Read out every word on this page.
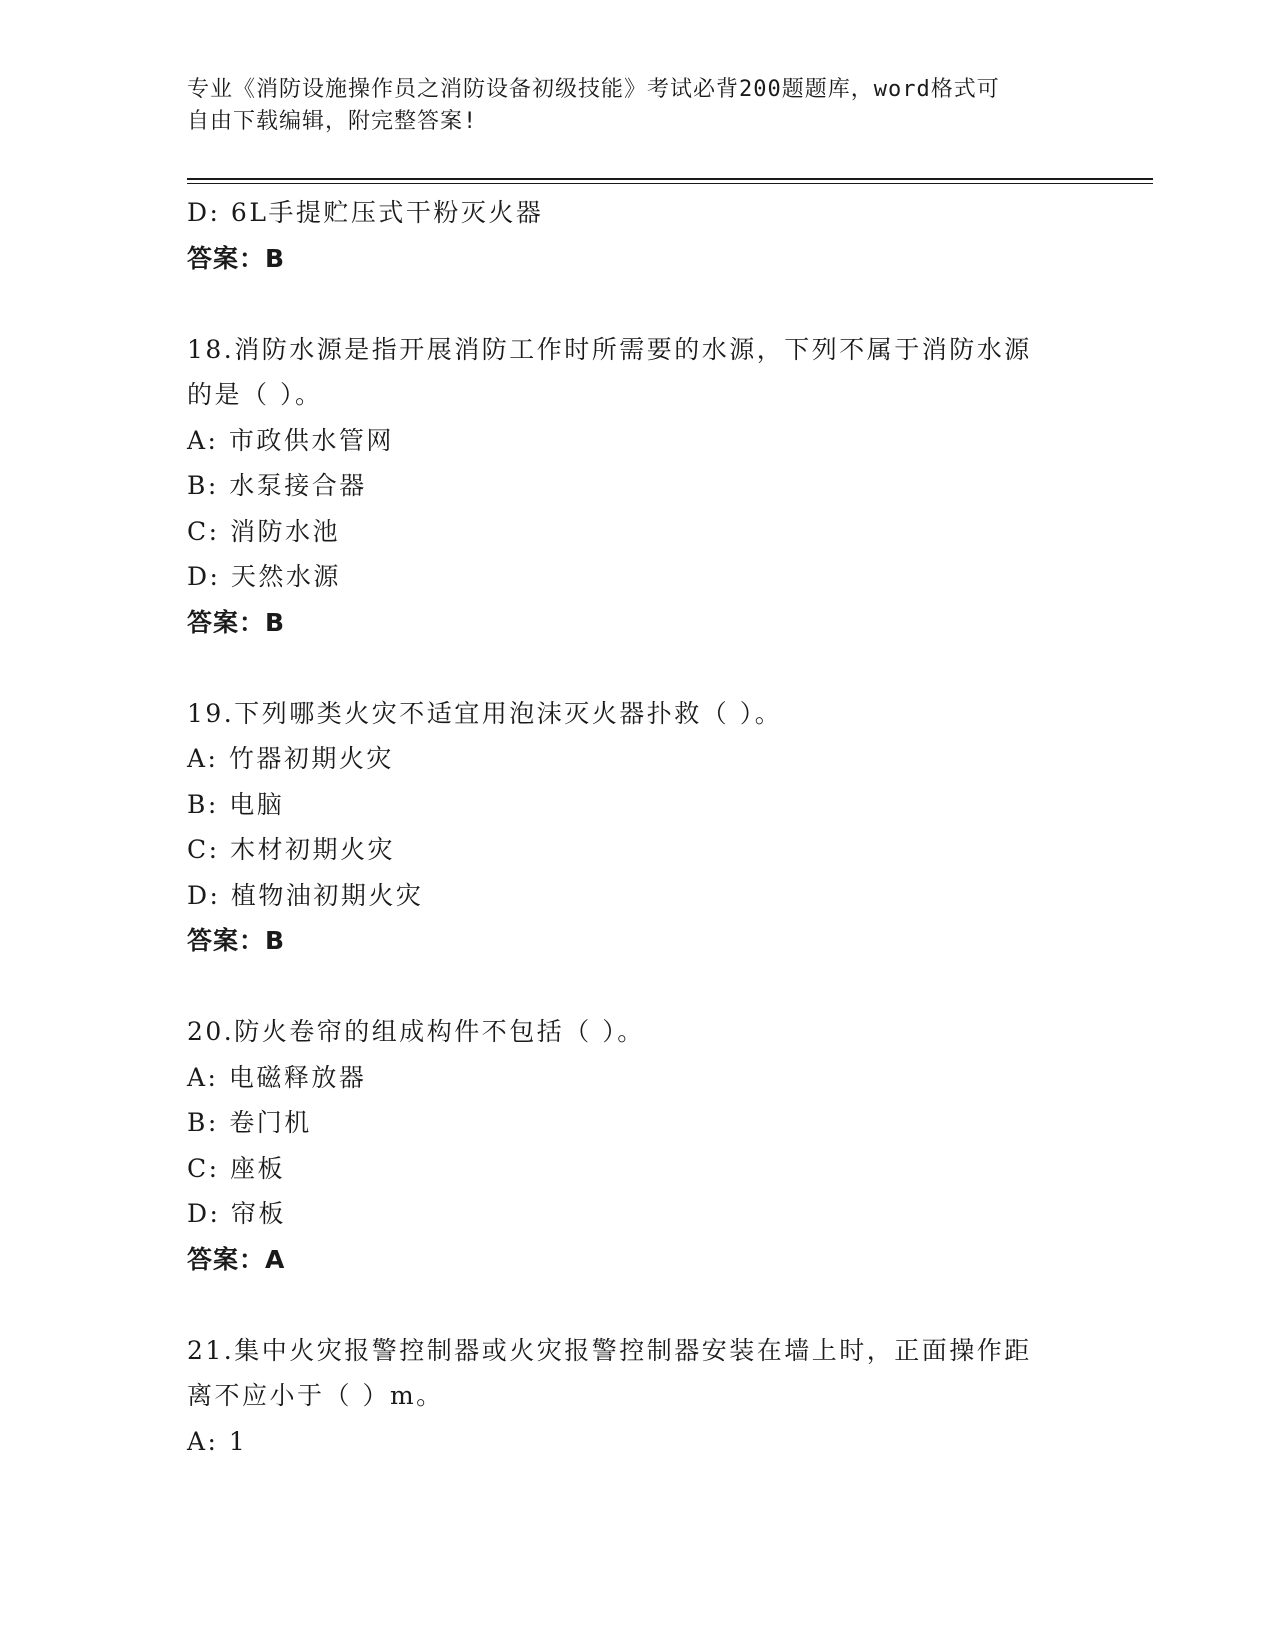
专业《消防设施操作员之消防设备初级技能》考试必背200题题库，word格式可
自由下载编辑，附完整答案!
D: 6L手提贮压式干粉灭火器
答案：B
18.消防水源是指开展消防工作时所需要的水源，下列不属于消防水源
的是（ ）。
A: 市政供水管网
B: 水泵接合器
C: 消防水池
D: 天然水源
答案：B
19.下列哪类火灾不适宜用泡沫灭火器扑救（ ）。
A: 竹器初期火灾
B: 电脑
C: 木材初期火灾
D: 植物油初期火灾
答案：B
20.防火卷帘的组成构件不包括（ ）。
A: 电磁释放器
B: 卷门机
C: 座板
D: 帘板
答案：A
21.集中火灾报警控制器或火灾报警控制器安装在墙上时，正面操作距
离不应小于（ ）m。
A: 1
